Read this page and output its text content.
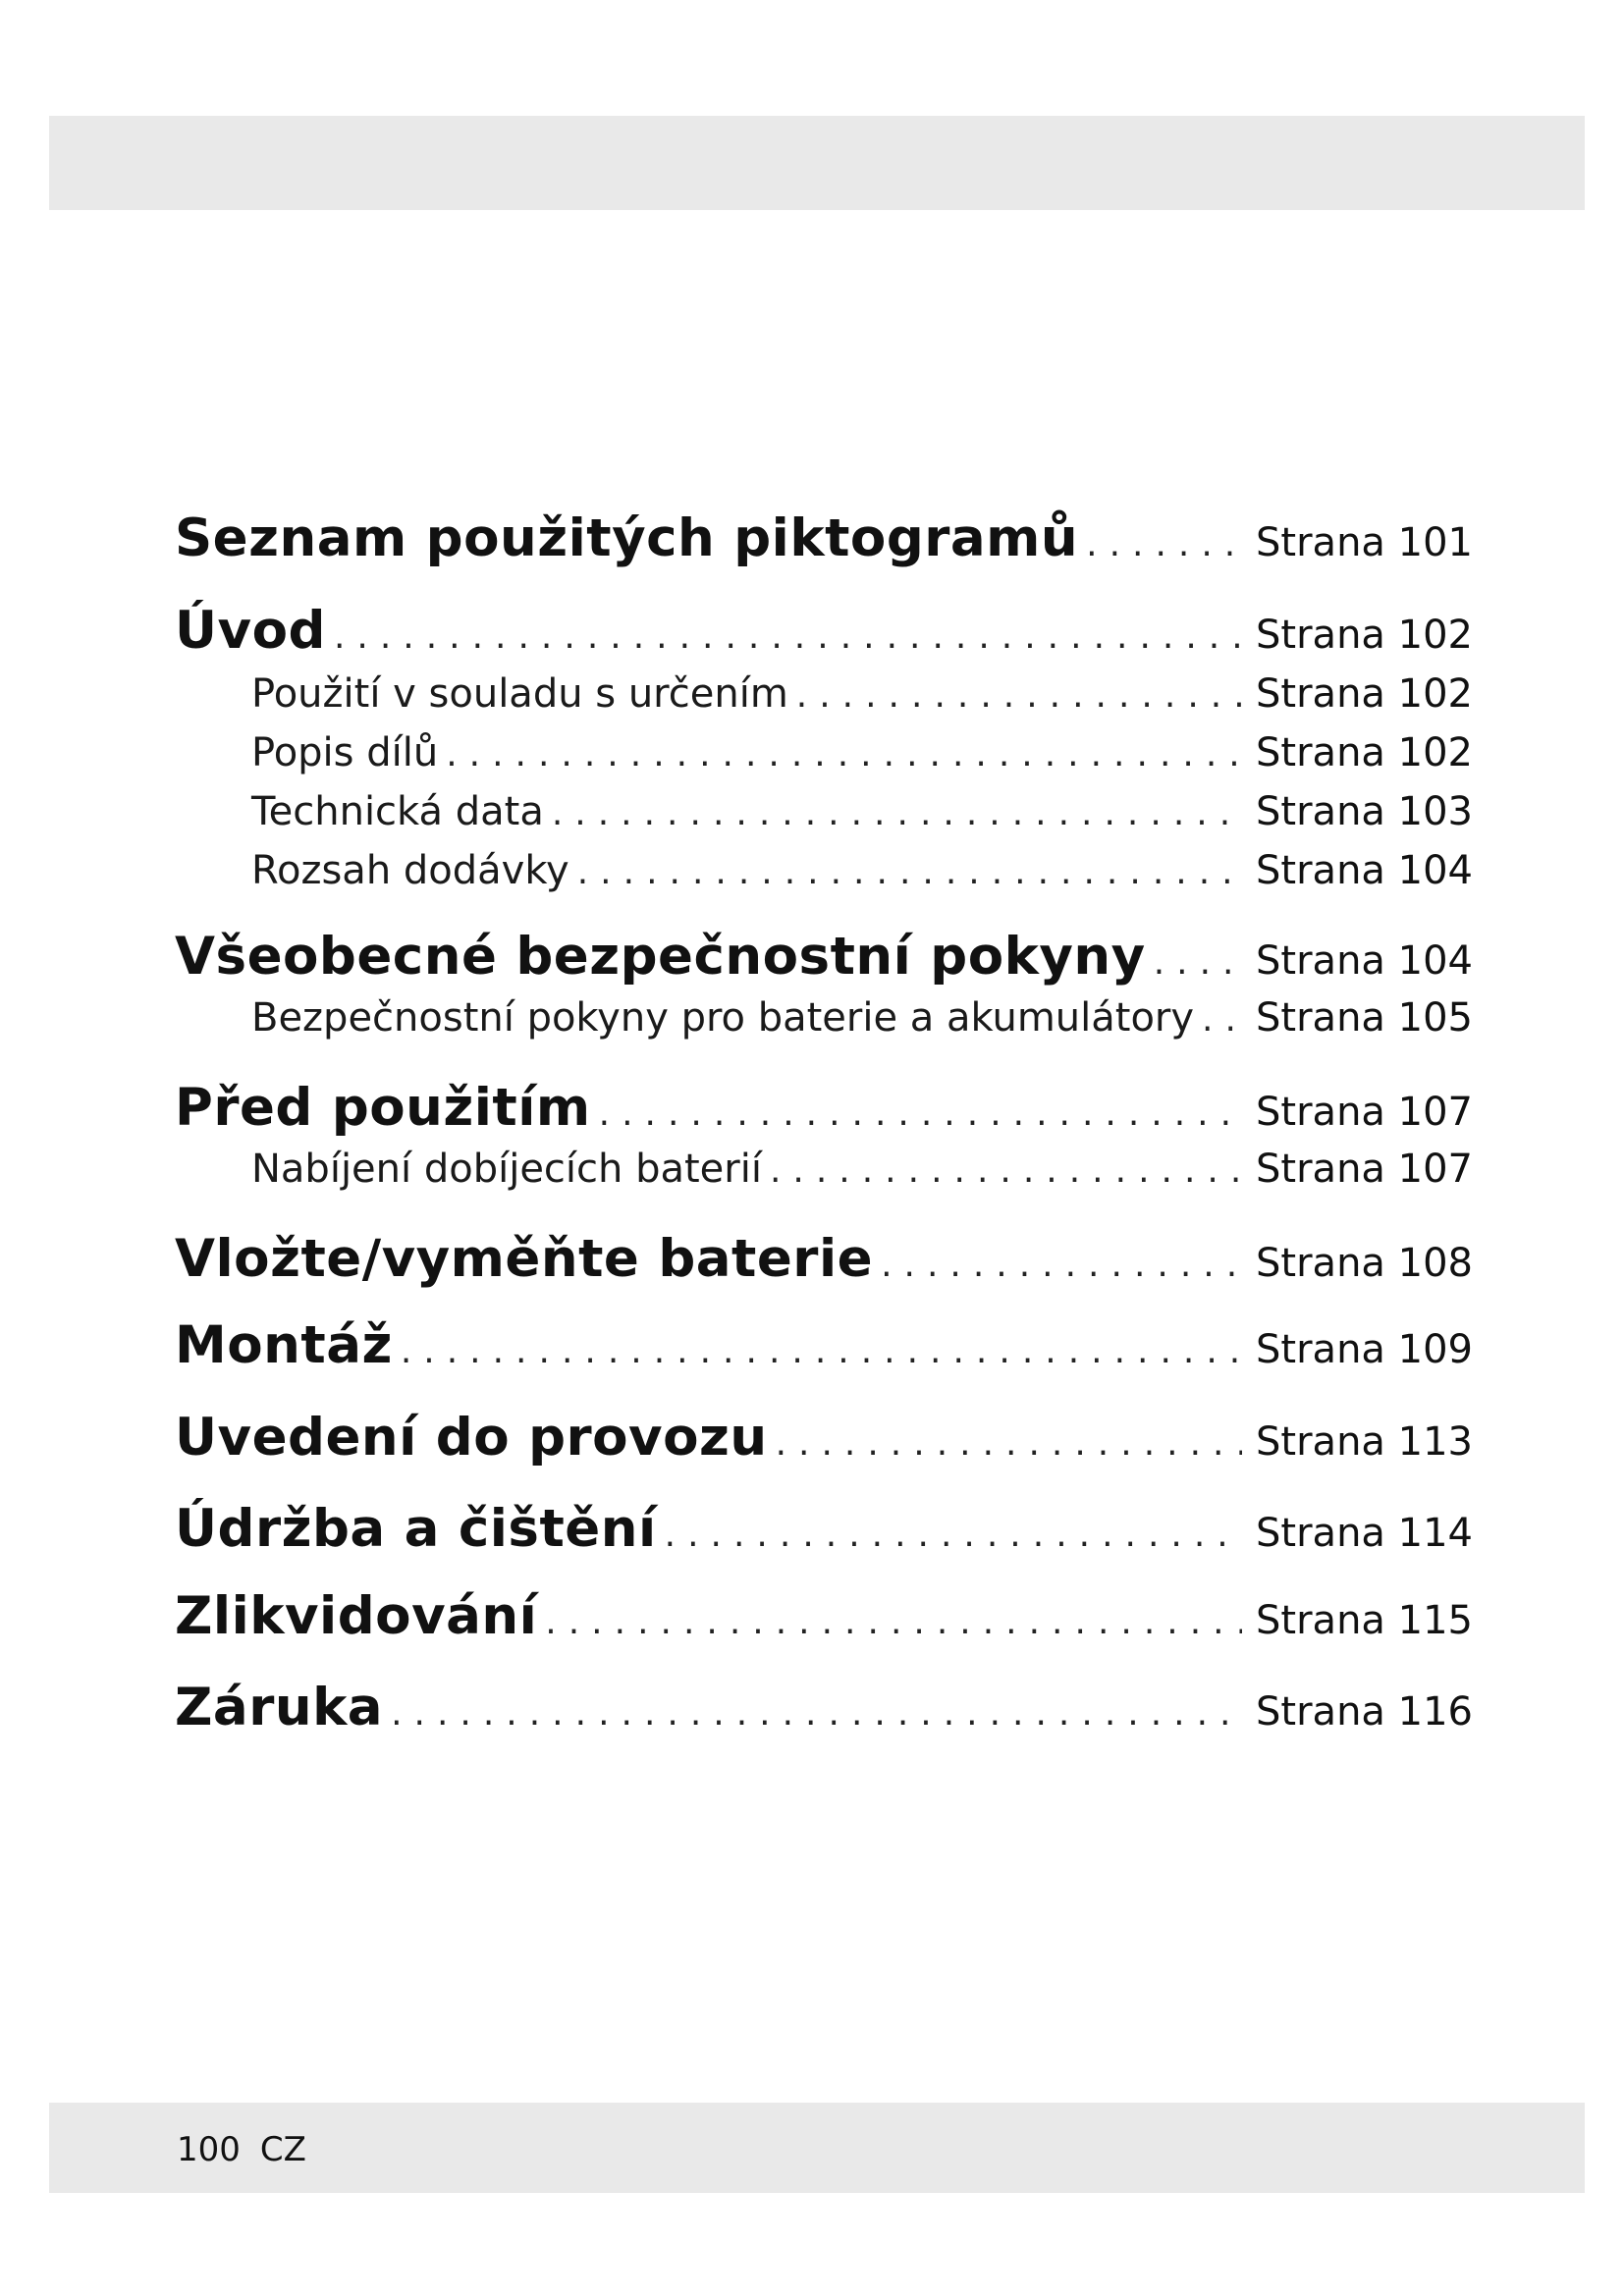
Seznam použitých piktogramů .....	Strana 101
Úvod .....	Strana 102
Použití v souladu s určením .....	Strana 102
Popis dílů .....	Strana 102
Technická data .....	Strana 103
Rozsah dodávky .....	Strana 104
Všeobecné bezpečnostní pokyny .....	Strana 104
Bezpečnostní pokyny pro baterie a akumulátory ..... Strana 105
Před použitím .....	Strana 107
Nabíjení dobíjecích baterií .....	Strana 107
Vložte/vyměňte baterie .....	Strana 108
Montáž .....	Strana 109
Uvedení do provozu .....	Strana 113
Údržba a čištění .....	Strana 114
Zlikvidování .....	Strana 115
Záruka .....	Strana 116
100 CZ
